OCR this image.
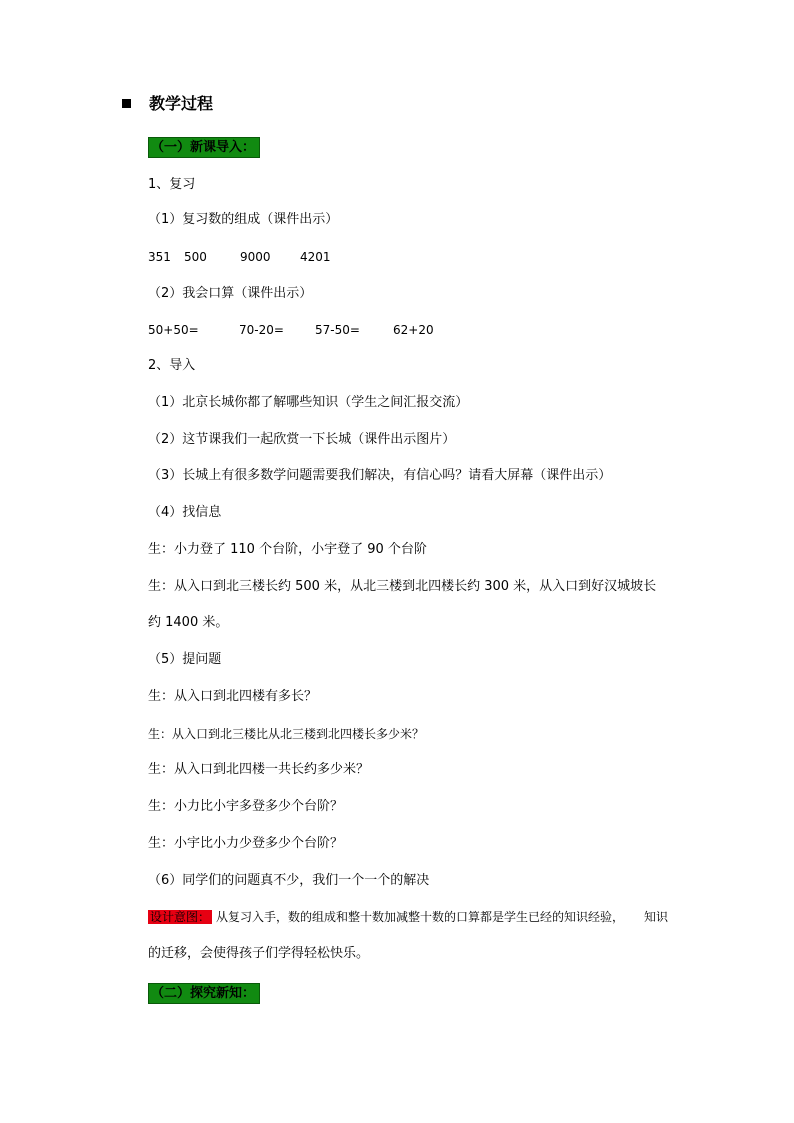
教学过程
（一）新课导入：
1、复习
（1）复习数的组成（课件出示）
351 500	9000 4201
（2）我会口算（课件出示）
50+50=	70-20=	57-50=	62+20
2、导入
（1）北京长城你都了解哪些知识（学生之间汇报交流）
（2）这节课我们一起欣赏一下长城（课件出示图片）
（3）长城上有很多数学问题需要我们解决，有信心吗？请看大屏幕（课件出示）
（4）找信息
生：小力登了 110 个台阶，小宇登了 90 个台阶
生：从入口到北三楼长约 500 米，从北三楼到北四楼长约 300 米，从入口到好汉城坡长
约 1400 米。
（5）提问题
生：从入口到北四楼有多长？
生：从入口到北三楼比从北三楼到北四楼长多少米？
生：从入口到北四楼一共长约多少米？
生：小力比小宇多登多少个台阶？
生：小宇比小力少登多少个台阶？
（6）同学们的问题真不少，我们一个一个的解决
设计意图： 从复习入手，数的组成和整十数加减整十数的口算都是学生已经的知识经验， 知识
的迁移，会使得孩子们学得轻松快乐。
（二）探究新知：
